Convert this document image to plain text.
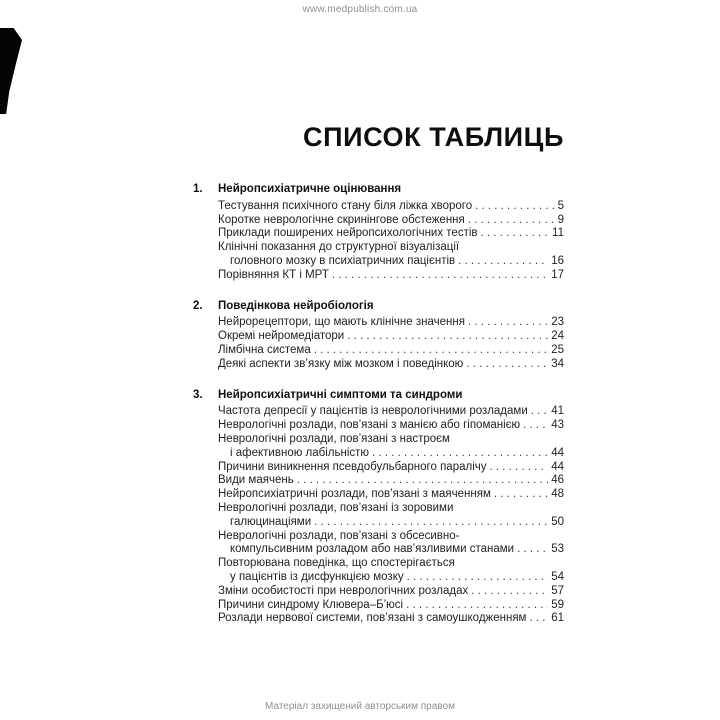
www.medpublish.com.ua
СПИСОК ТАБЛИЦЬ
1.	Нейропсихіатричне оцінювання
Тестування психічного стану біля ліжка хворого . .	5
Коротке неврологічне скринінгове обстеження . .	9
Приклади поширених нейропсихологічних тестів . .	11
Клінічні показання до структурної візуалізації
головного мозку в психіатричних пацієнтів . .	16
Порівняння КТ і МРТ . .	17
2.	Поведінкова нейробіологія
Нейрорецептори, що мають клінічне значення . .	23
Окремі нейромедіатори . .	24
Лімбічна система . .	25
Деякі аспекти зв’язку між мозком і поведінкою . .	34
3.	Нейропсихіатричні симптоми та синдроми
Частота депресії у пацієнтів із неврологічними розладами . . 41
Неврологічні розлади, пов’язані з манією або гіпоманією . .	43
Неврологічні розлади, пов’язані з настроєм
і афективною лабільністю . .	44
Причини виникнення псевдобульбарного паралічу . .	44
Види маячень . .	46
Нейропсихіатричні розлади, пов’язані з маяченням . .	48
Неврологічні розлади, пов’язані із зоровими
галюцинаціями . .	50
Неврологічні розлади, пов’язані з обсесивно-
компульсивним розладом або нав’язливими станами . .	53
Повторювана поведінка, що спостерігається
у пацієнтів із дисфункцією мозку . .	54
Зміни особистості при неврологічних розладах . .	57
Причини синдрому Клювера–Б’юсі . .	59
Розлади нервової системи, пов’язані з самоушкодженням . . 61
Матеріал захищений авторським правом
